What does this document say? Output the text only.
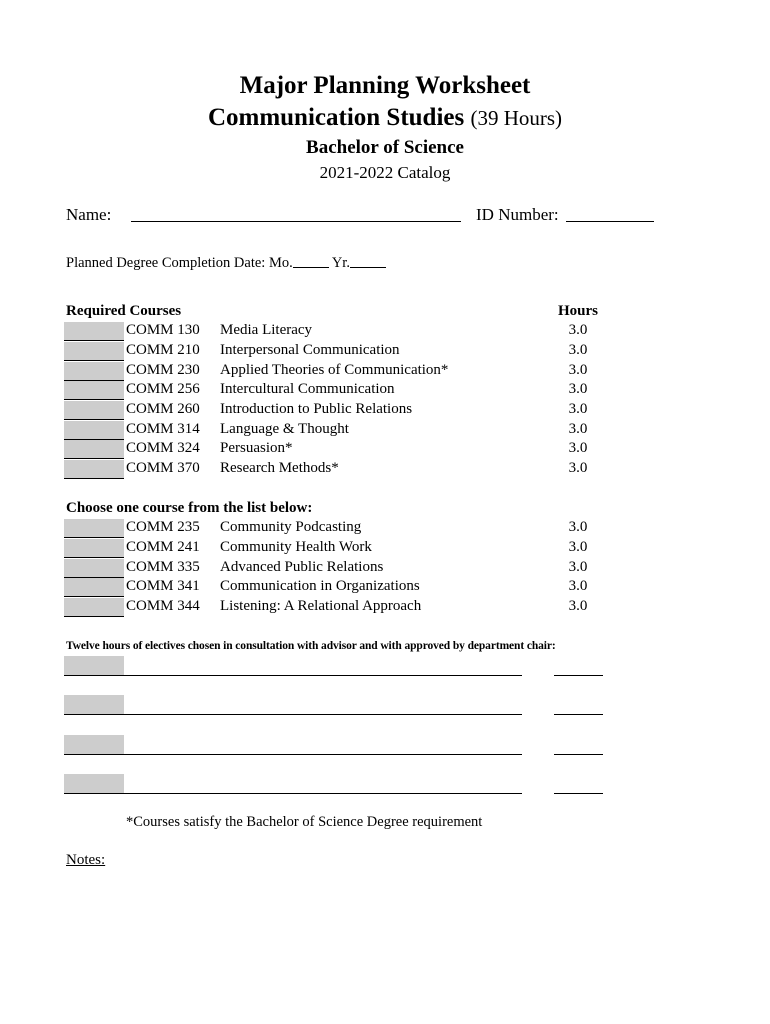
Major Planning Worksheet
Communication Studies (39 Hours)
Bachelor of Science
2021-2022 Catalog
Name:	ID Number:
Planned Degree Completion Date: Mo.	Yr.
Required Courses	Hours
COMM 130 Media Literacy	3.0
COMM 210 Interpersonal Communication	3.0
COMM 230 Applied Theories of Communication*	3.0
COMM 256 Intercultural Communication	3.0
COMM 260 Introduction to Public Relations	3.0
COMM 314 Language & Thought	3.0
COMM 324 Persuasion*	3.0
COMM 370 Research Methods*	3.0
Choose one course from the list below:
COMM 235 Community Podcasting	3.0
COMM 241 Community Health Work	3.0
COMM 335 Advanced Public Relations	3.0
COMM 341 Communication in Organizations	3.0
COMM 344 Listening: A Relational Approach	3.0
Twelve hours of electives chosen in consultation with advisor and with approved by department chair:
*Courses satisfy the Bachelor of Science Degree requirement
Notes:
